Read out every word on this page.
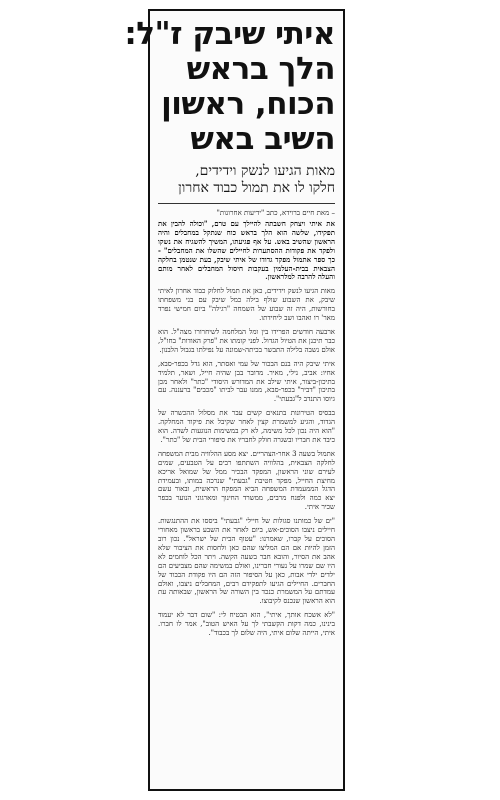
איתי שיבק ז"ל:
הלך בראש
הכוח, ראשון
השיב באש
מאות הגיעו לנשק וידידים,
חלקו לו את תמול כבוד אחרון
– מאת חיים ברוידא, כתב "ידיעות אחרונות"

את איתי ויצחק חשבתה להיילך עם טרם, "וכולה להבין את תפקידו, שלשה הוא הלך בראש כוח שנתקל במחבלים והיה הראשון שהשיב באש. על אף פגיעתו, המשיך להשגיח את נשקו ולפקד את פקודות ההסתערות לחיילים שהשלו את המחבלים" - כך ספר אתמול מפקד גדודו של איתי שיבק, בעת שנטמן בחלקה הצבאית בבית-העלמין בעקבות חיסול המחבלים לאחר מותם והעלה להרבה למלראשון.

מאות הגיעו לנשק וידידים, כאן את תמול לחלוק כבוד אחרון לאיתי שיבק, את השבוע שולף בילה כמל שיבק עם בני משפחתו בחורשות, היה זה שבוע של השמחה "רגילה" ביום חמישי נפרד מאר' רו ואהבו ושב ליחידתו.

ארבעה חודשים הפרידו בין ומל המלחמה לשיחרורו מצה"ל. הוא כבר תיכנן את הטיול הגדול. לפני קומתו את "פרק האודות" בחו"ל, אולם נשבה בלילה התבשר בכיתה-שמונה על נפילתו בגבול הלבנון.

איתי שיבק היה בנם הבכור של עמי ואסתר, הוא גדל בכפר-סבא, אחיו: אביב, נילי, מאיר. מדובר בבן שהיה חייל, ושאר, תלמיד בתיכון-ביצור, איתי שילב את המדורש היסודי "כתר" ולאחר מכן בתיכון "דביר" בכפר-סבא, ממנו עבר לביתו "מכבים" ברעננה. עם גיוסו התנדב ל"גבעתי".

בבסיס הטירונות בתנאים קשים עבר את מסלול ההכשרה של הגדוד, והגיע למשמרת קצין לאחר שקיבל את פיקוד המחלקה. "הוא היה נכון לכל משימה, לא רק במשימות הנוגעות לשדה. הוא כיבד את חבריו ובשגרה חולק לחבריו את סיפורי הבית של "כתר".

אתמול בשעה 3 אחר-הצהריים. יצא מסע ההלוויה מבית המשפחה לחלקה הצבאית, בהלוויה השתתפו רבים על הטבעים, שמים לעירם שוני הראשון, המפקד הבכיר ממל של שמואל אריכא מחיצת החייל, מפקד חטיבת "גבעתי" שנרכה במותו, ובעמידת הדגל הממעמדת המשפחה הביא המפקח הראשית, ובאור עשם יצא כמה ולפנח מרבים, ממשרד החינוך ומארגוני הנוער בכפר שכיר איתי.

"ים של כמותנו סגולות של חיילי "גבעתי" ביססו את ההתנגשות. חיילים ניצבו הסוכים-אש, ביום לאחר את השבע בראשון מאחורי הסוכים על קברו, שאמרנו: "עטוף הבית של ישראל". נכון רוב הזמן להיות אם הם המליצו שהם כאן ולחסות את הציבור שלא אהב את הסיור, והובא חבר בשעה הקשה. ויתר הכל לוחמים לא היו שם שמרו על נעורי חברינו, ואולם במשימה שהם מצביעים הם ילדים ילדי אבות, כאן על הסיפור הזה הם היו פקודת הכבוד של החברים. החיילים הגיעו לתפקידם רבים, המחבלים ניצבו, ואולם עמדתם על המשמרת כנכד בין השורה של הראשון, שבאותה עת הוא הראשון שנכנס לקיבוצו.

"לא אשכח אותך, איתי", הוא הבטיח לי: "שום דבר לא יעמוד בינינו, כמה דקות הקשבתי לך על האיש הטוב", אמר לו חברו. איתי, הייתה שלום איתי, היה שלום לך בכבוד".
